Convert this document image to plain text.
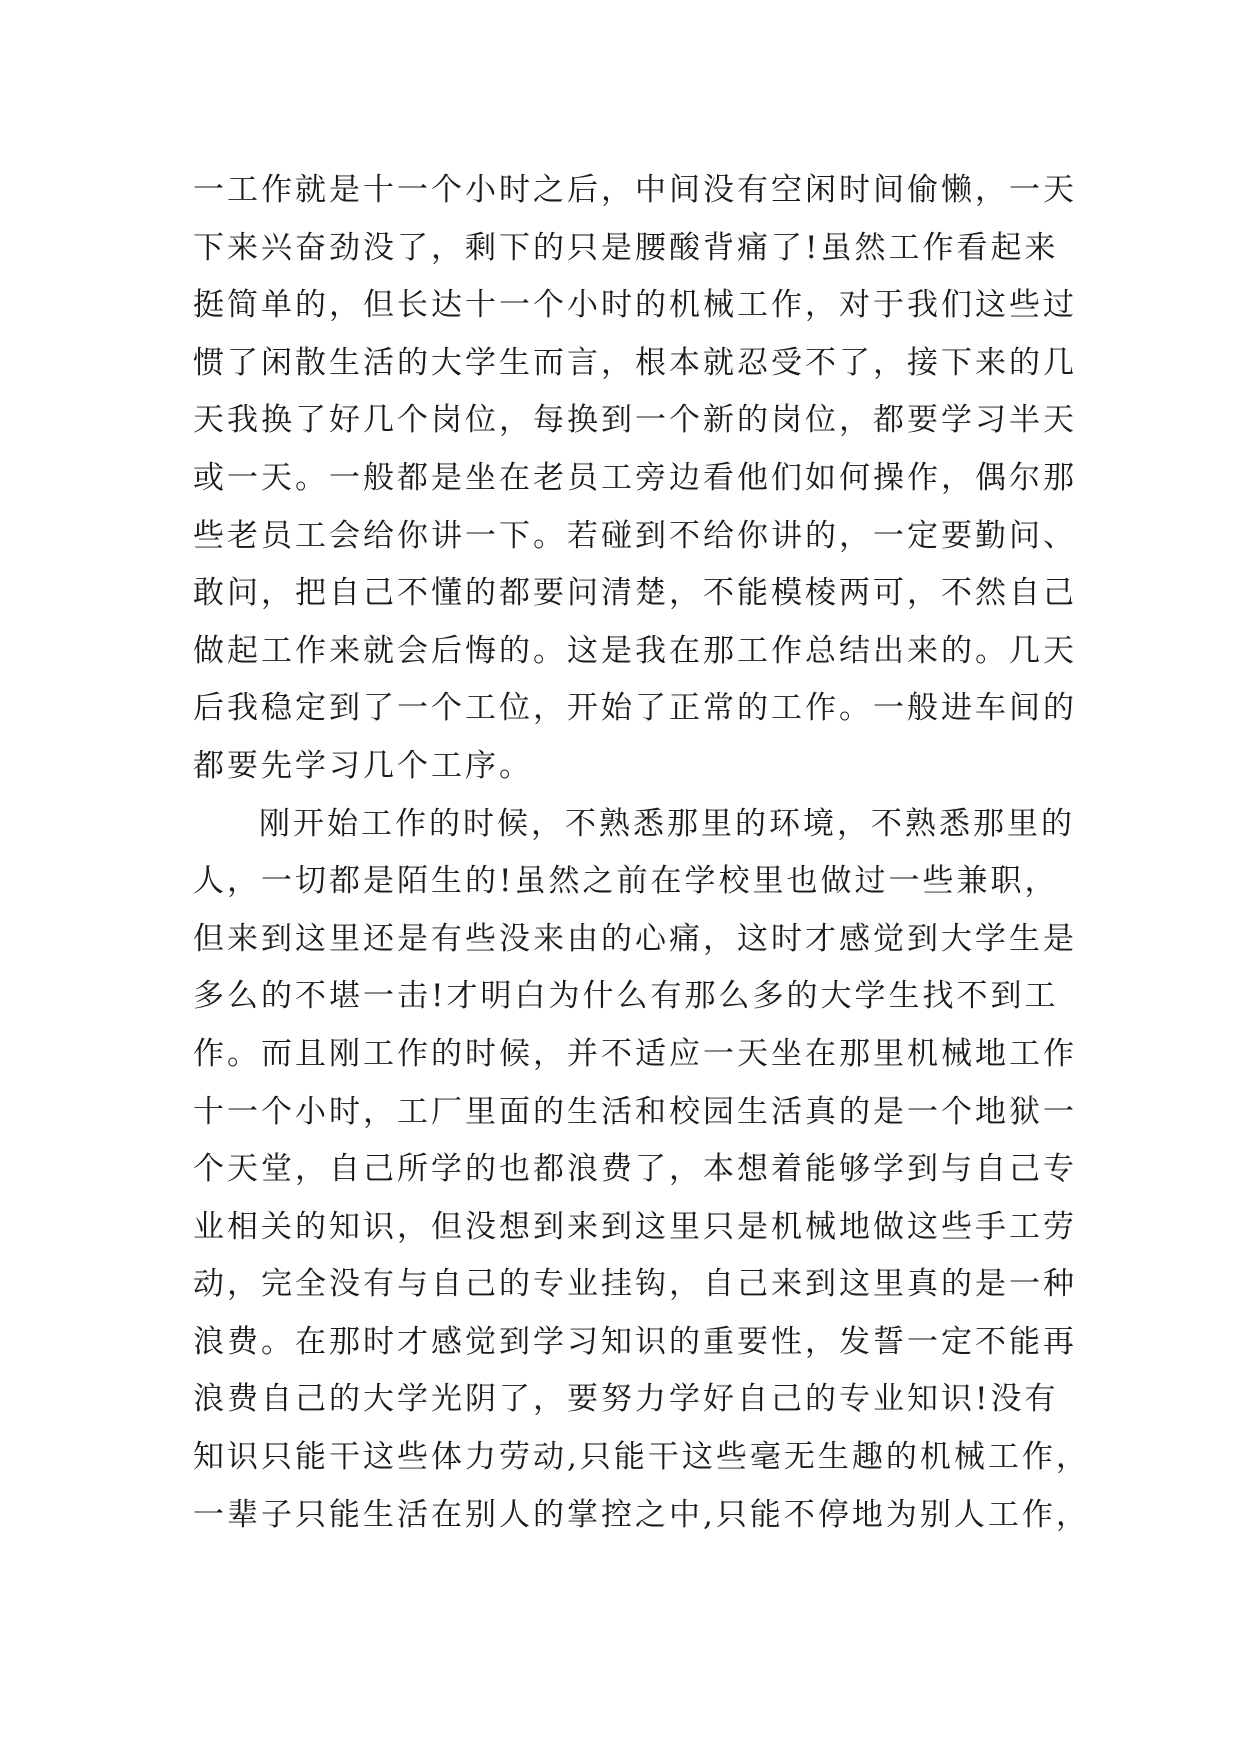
一工作就是十一个小时之后，中间没有空闲时间偷懒，一天
下来兴奋劲没了，剩下的只是腰酸背痛了!虽然工作看起来
挺简单的，但长达十一个小时的机械工作，对于我们这些过
惯了闲散生活的大学生而言，根本就忍受不了，接下来的几
天我换了好几个岗位，每换到一个新的岗位，都要学习半天
或一天。一般都是坐在老员工旁边看他们如何操作，偶尔那
些老员工会给你讲一下。若碰到不给你讲的，一定要勤问、
敢问，把自己不懂的都要问清楚，不能模棱两可，不然自己
做起工作来就会后悔的。这是我在那工作总结出来的。几天
后我稳定到了一个工位，开始了正常的工作。一般进车间的
都要先学习几个工序。
刚开始工作的时候，不熟悉那里的环境，不熟悉那里的
人，一切都是陌生的!虽然之前在学校里也做过一些兼职，
但来到这里还是有些没来由的心痛，这时才感觉到大学生是
多么的不堪一击!才明白为什么有那么多的大学生找不到工
作。而且刚工作的时候，并不适应一天坐在那里机械地工作
十一个小时，工厂里面的生活和校园生活真的是一个地狱一
个天堂，自己所学的也都浪费了，本想着能够学到与自己专
业相关的知识，但没想到来到这里只是机械地做这些手工劳
动，完全没有与自己的专业挂钩，自己来到这里真的是一种
浪费。在那时才感觉到学习知识的重要性，发誓一定不能再
浪费自己的大学光阴了，要努力学好自己的专业知识!没有
知识只能干这些体力劳动,只能干这些毫无生趣的机械工作，
一辈子只能生活在别人的掌控之中,只能不停地为别人工作，
